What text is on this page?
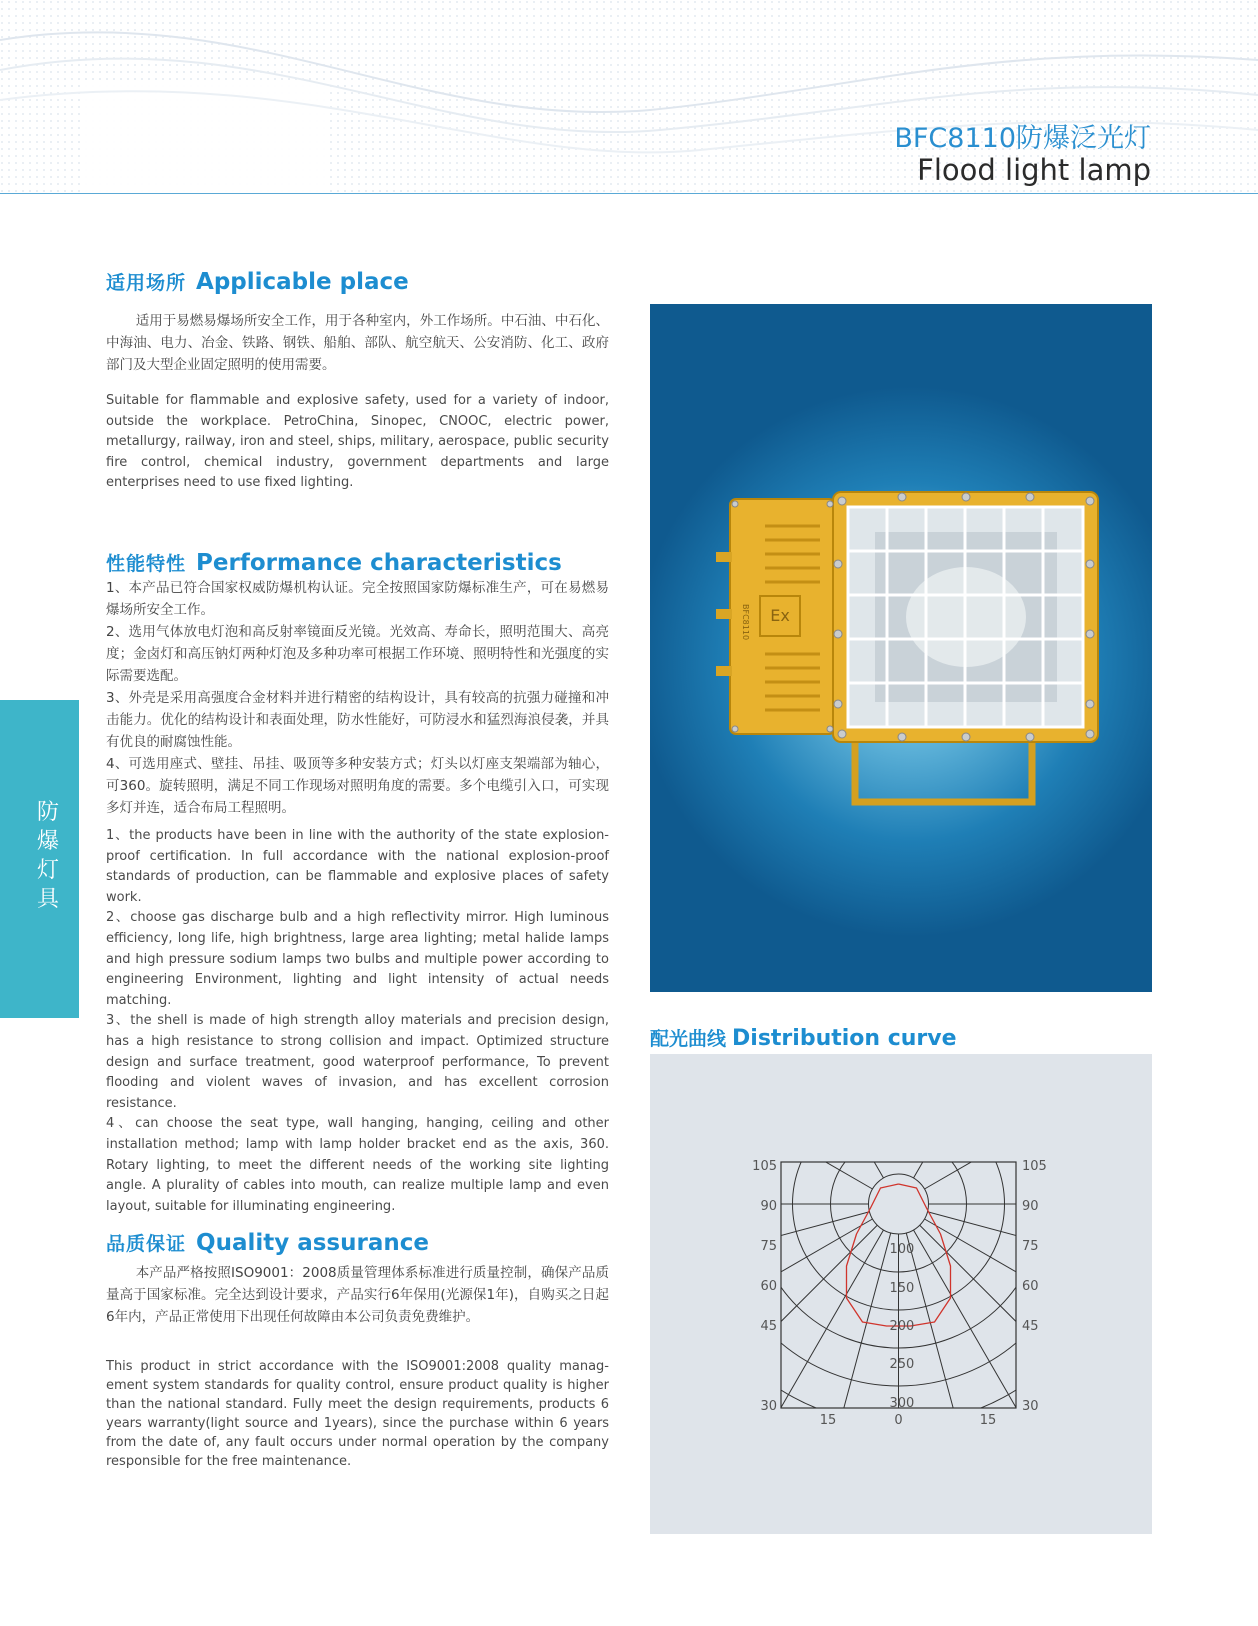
BFC8110防爆泛光灯
Flood light lamp
防
爆
灯
具
适用场所 Applicable place
适用于易燃易爆场所安全工作，用于各种室内，外工作场所。中石油、中石化、中海油、电力、冶金、铁路、钢铁、船舶、部队、航空航天、公安消防、化工、政府部门及大型企业固定照明的使用需要。
Suitable for flammable and explosive safety, used for a variety of indoor, outside the workplace. PetroChina, Sinopec, CNOOC, electric power, metallurgy, railway, iron and steel, ships, military, aerospace, public security fire control, chemical industry, government departments and large enterprises need to use fixed lighting.
性能特性 Performance characteristics
1、本产品已符合国家权威防爆机构认证。完全按照国家防爆标准生产，可在易燃易爆场所安全工作。
2、选用气体放电灯泡和高反射率镜面反光镜。光效高、寿命长，照明范围大、高亮度；金卤灯和高压钠灯两种灯泡及多种功率可根据工作环境、照明特性和光强度的实际需要选配。
3、外壳是采用高强度合金材料并进行精密的结构设计，具有较高的抗强力碰撞和冲击能力。优化的结构设计和表面处理，防水性能好，可防浸水和猛烈海浪侵袭，并具有优良的耐腐蚀性能。
4、可选用座式、壁挂、吊挂、吸顶等多种安装方式；灯头以灯座支架端部为轴心，可360。旋转照明，满足不同工作现场对照明角度的需要。多个电缆引入口，可实现多灯并连，适合布局工程照明。
1、the products have been in line with the authority of the state explosion-proof certification. In full accordance with the national explosion-proof standards of production, can be flammable and explosive places of safety work.
2、choose gas discharge bulb and a high reflectivity mirror. High luminous efficiency, long life, high brightness, large area lighting; metal halide lamps and high pressure sodium lamps two bulbs and multiple power according to engineering Environment, lighting and light intensity of actual needs matching.
3、the shell is made of high strength alloy materials and precision design, has a high resistance to strong collision and impact. Optimized structure design and surface treatment, good waterproof performance, To prevent flooding and violent waves of invasion, and has excellent corrosion resistance.
4、can choose the seat type, wall hanging, hanging, ceiling and other installation method; lamp with lamp holder bracket end as the axis, 360. Rotary lighting, to meet the different needs of the working site lighting angle. A plurality of cables into mouth, can realize multiple lamp and even layout, suitable for illuminating engineering.
品质保证 Quality assurance
本产品严格按照ISO9001：2008质量管理体系标准进行质量控制，确保产品质量高于国家标准。完全达到设计要求，产品实行6年保用(光源保1年)，自购买之日起6年内，产品正常使用下出现任何故障由本公司负责免费维护。
This product in strict accordance with the ISO9001:2008 quality manag-ement system standards for quality control, ensure product quality is higher than the national standard. Fully meet the design requirements, products 6 years warranty(light source and 1years), since the purchase within 6 years from the date of, any fault occurs under normal operation by the company responsible for the free maintenance.
Ex
BFC8110
配光曲线 Distribution curve
105
90
75
60
45
30
105
90
75
60
45
30
15	0	15
100
150
200
250
300
